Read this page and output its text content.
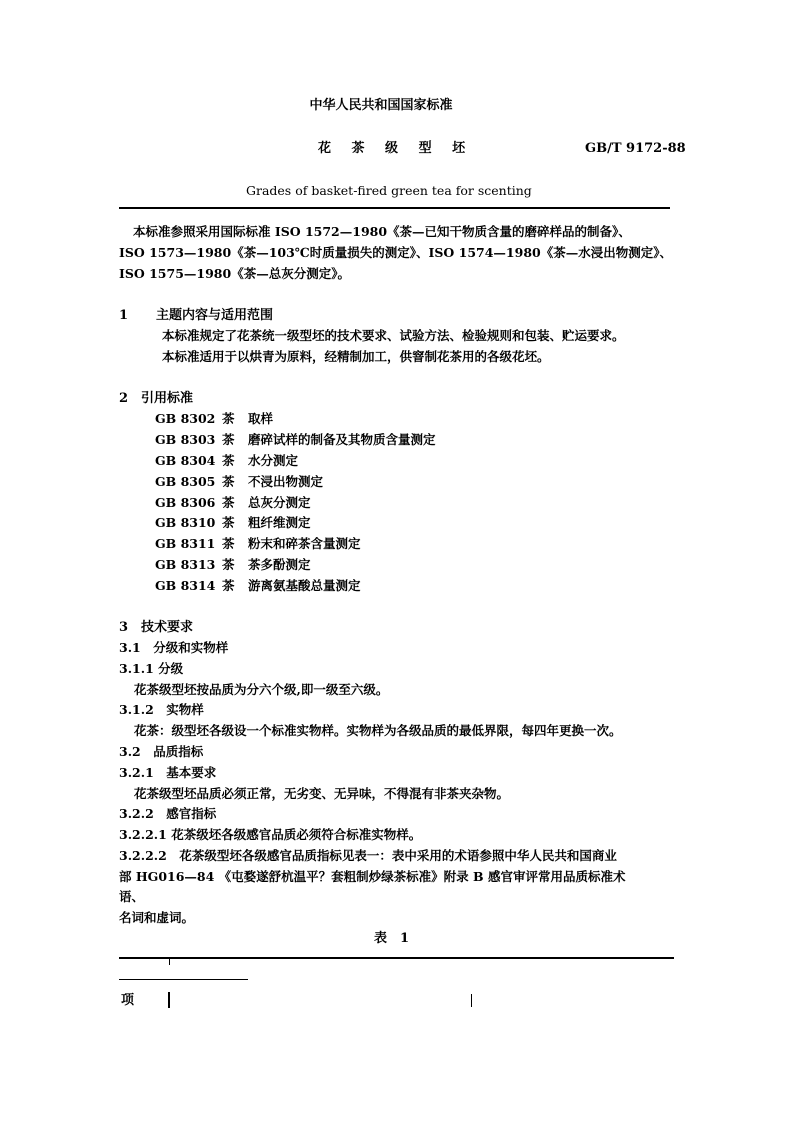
中华人民共和国国家标准
花 茶 级 型 坯	GB/T 9172-88
Grades of basket-fired green tea for scenting
本标准参照采用国际标准 ISO 1572—1980《茶—已知干物质含量的磨碎样品的制备》、
ISO 1573—1980《茶—103℃时质量损失的测定》、ISO 1574—1980《茶—水浸出物测定》、
ISO 1575—1980《茶—总灰分测定》。
1 主题内容与适用范围
本标准规定了花茶统一级型坯的技术要求、试验方法、检验规则和包装、贮运要求。
本标准适用于以烘青为原料，经精制加工，供窨制花茶用的各级花坯。
2 引用标准
GB 8302 茶 取样
GB 8303 茶 磨碎试样的制备及其物质含量测定
GB 8304 茶 水分测定
GB 8305 茶 不浸出物测定
GB 8306 茶 总灰分测定
GB 8310 茶 粗纤维测定
GB 8311 茶 粉末和碎茶含量测定
GB 8313 茶 茶多酚测定
GB 8314 茶 游离氨基酸总量测定
3　技术要求
3.1　分级和实物样
3.1.1 分级
花茶级型坯按品质为分六个级,即一级至六级。
3.1.2　实物样
花茶：级型坯各级设一个标准实物样。实物样为各级品质的最低界限，每四年更换一次。
3.2　品质指标
3.2.1　基本要求
花茶级型坯品质必须正常，无劣变、无异味，不得混有非茶夹杂物。
3.2.2　感官指标
3.2.2.1 花茶级坯各级感官品质必须符合标准实物样。
3.2.2.2　花茶级型坯各级感官品质指标见表一：表中采用的术语参照中华人民共和国商业
部 HG016—84 《屯婺遂舒杭温平？套粗制炒绿茶标准》附录 B 感官审评常用品质标准术
语、
名词和虚词。
表　1
项
